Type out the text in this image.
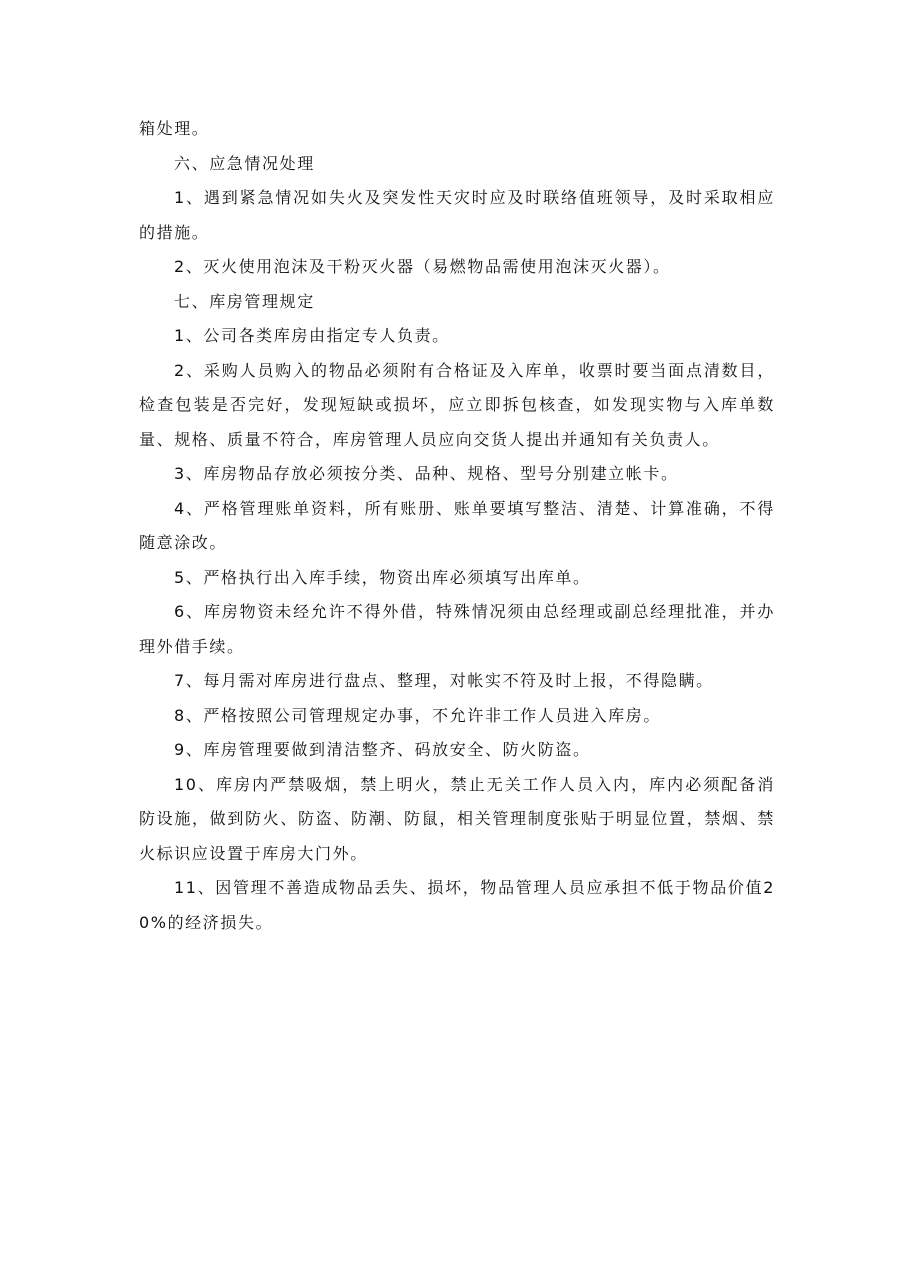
箱处理。

六、应急情况处理

1、遇到紧急情况如失火及突发性天灾时应及时联络值班领导，及时采取相应的措施。

2、灭火使用泡沫及干粉灭火器（易燃物品需使用泡沫灭火器）。

七、库房管理规定

1、公司各类库房由指定专人负责。

2、采购人员购入的物品必须附有合格证及入库单，收票时要当面点清数目，检查包装是否完好，发现短缺或损坏，应立即拆包核查，如发现实物与入库单数量、规格、质量不符合，库房管理人员应向交货人提出并通知有关负责人。

3、库房物品存放必须按分类、品种、规格、型号分别建立帐卡。

4、严格管理账单资料，所有账册、账单要填写整洁、清楚、计算准确，不得随意涂改。

5、严格执行出入库手续，物资出库必须填写出库单。

6、库房物资未经允许不得外借，特殊情况须由总经理或副总经理批准，并办理外借手续。

7、每月需对库房进行盘点、整理，对帐实不符及时上报，不得隐瞒。

8、严格按照公司管理规定办事，不允许非工作人员进入库房。

9、库房管理要做到清洁整齐、码放安全、防火防盗。

10、库房内严禁吸烟，禁上明火，禁止无关工作人员入内，库内必须配备消防设施，做到防火、防盗、防潮、防鼠，相关管理制度张贴于明显位置，禁烟、禁火标识应设置于库房大门外。

11、因管理不善造成物品丢失、损坏，物品管理人员应承担不低于物品价值20%的经济损失。
